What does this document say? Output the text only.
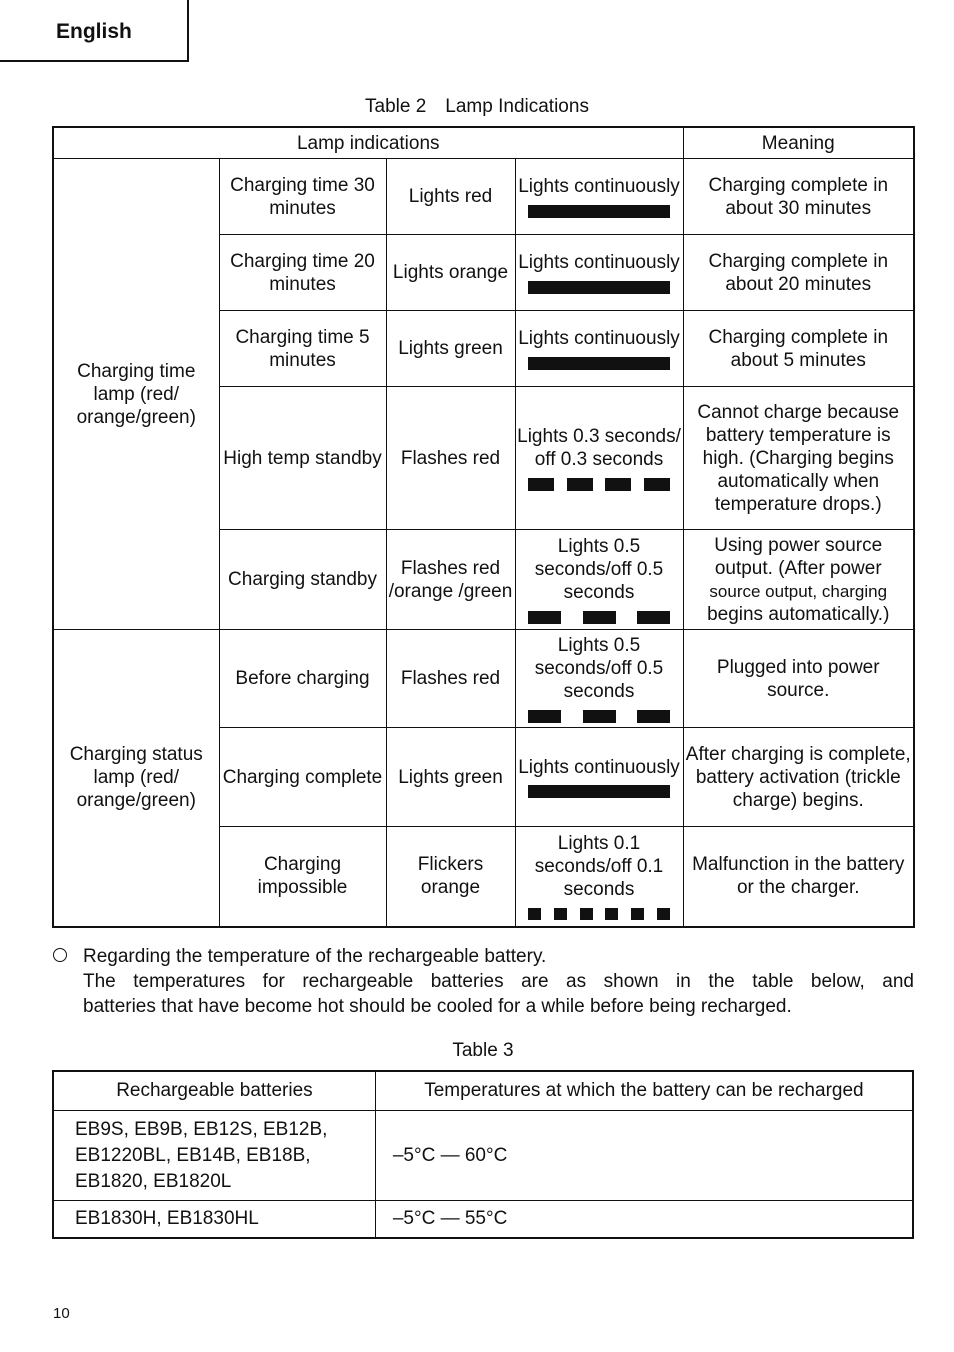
English
Table 2 Lamp Indications
Lamp indications				Meaning
Charging time lamp (red/ orange/green)	Charging time 30 minutes	Lights red	Lights continuously	Charging complete in about 30 minutes
	Charging time 20 minutes	Lights orange	Lights continuously	Charging complete in about 20 minutes
	Charging time 5 minutes	Lights green	Lights continuously	Charging complete in about 5 minutes
	High temp standby	Flashes red	Lights 0.3 seconds/ off 0.3 seconds	Cannot charge because battery temperature is high. (Charging begins automatically when temperature drops.)
	Charging standby	Flashes red /orange /green	Lights 0.5 seconds/off 0.5 seconds	Using power source output. (After power
source output, charging
begins automatically.)
Charging status lamp (red/ orange/green)	Before charging	Flashes red	Lights 0.5 seconds/off 0.5 seconds	Plugged into power source.
	Charging complete	Lights green	Lights continuously	After charging is complete, battery activation (trickle charge) begins.
	Charging impossible	Flickers orange	Lights 0.1 seconds/off 0.1 seconds	Malfunction in the battery or the charger.
Regarding the temperature of the rechargeable battery.
The temperatures for rechargeable batteries are as shown in the table below, and
batteries that have become hot should be cooled for a while before being recharged.
Table 3
Rechargeable batteries	Temperatures at which the battery can be recharged

EB9S, EB9B, EB12S, EB12B,
EB1220BL, EB14B, EB18B,
EB1820, EB1820L	–5°C — 60°C

EB1830H, EB1830HL	–5°C — 55°C
10
